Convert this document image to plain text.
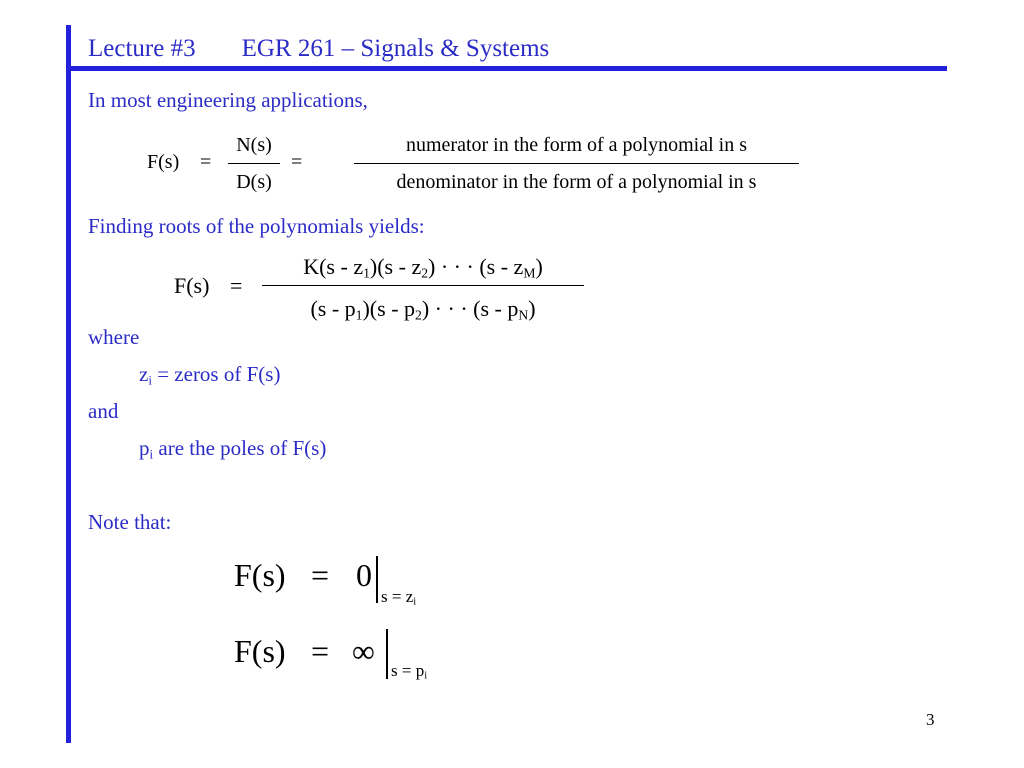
Lecture #3 EGR 261 – Signals & Systems
In most engineering applications,
F(s) =
N(s)
D(s)
=
numerator in the form of a polynomial in s
denominator in the form of a polynomial in s
Finding roots of the polynomials yields:
F(s) =
$K(s - z_1)(s - z_2)$ · · · $(s - z_M)$
$(s - p_1)(s - p_2)$ · · · $(s - p_N)$
where
$z_i$ = zeros of F(s)
and
$p_i$ are the poles of F(s)
Note that:
F(s) = 0
$s = z_i$
F(s) = ∞
$s = p_i$
3
